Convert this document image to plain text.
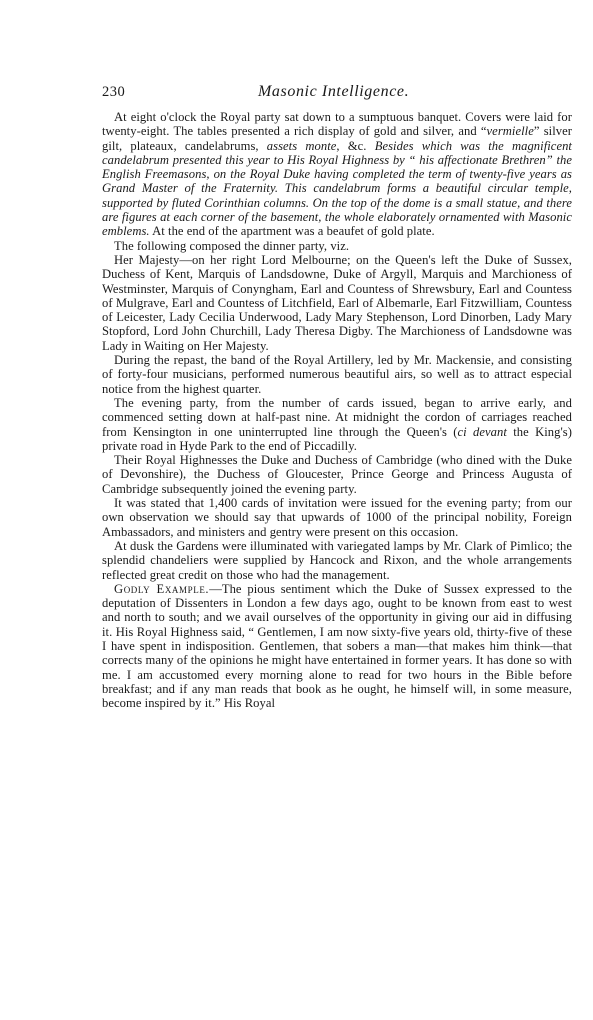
230	Masonic Intelligence.

At eight o'clock the Royal party sat down to a sumptuous banquet. Covers were laid for twenty-eight. The tables presented a rich display of gold and silver, and “vermielle” silver gilt, plateaux, candelabrums, assets monte, &c. Besides which was the magnificent candelabrum presented this year to His Royal Highness by “ his affectionate Brethren” the English Freemasons, on the Royal Duke having completed the term of twenty-five years as Grand Master of the Fraternity. This candelabrum forms a beautiful circular temple, supported by fluted Corinthian columns. On the top of the dome is a small statue, and there are figures at each corner of the basement, the whole elaborately ornamented with Masonic emblems. At the end of the apartment was a beaufet of gold plate.

The following composed the dinner party, viz.

Her Majesty—on her right Lord Melbourne; on the Queen's left the Duke of Sussex, Duchess of Kent, Marquis of Landsdowne, Duke of Argyll, Marquis and Marchioness of Westminster, Marquis of Conyngham, Earl and Countess of Shrewsbury, Earl and Countess of Mulgrave, Earl and Countess of Litchfield, Earl of Albemarle, Earl Fitzwilliam, Countess of Leicester, Lady Cecilia Underwood, Lady Mary Stephenson, Lord Dinorben, Lady Mary Stopford, Lord John Churchill, Lady Theresa Digby. The Marchioness of Landsdowne was Lady in Waiting on Her Majesty.

During the repast, the band of the Royal Artillery, led by Mr. Mackensie, and consisting of forty-four musicians, performed numerous beautiful airs, so well as to attract especial notice from the highest quarter.

The evening party, from the number of cards issued, began to arrive early, and commenced setting down at half-past nine. At midnight the cordon of carriages reached from Kensington in one uninterrupted line through the Queen's (ci devant the King's) private road in Hyde Park to the end of Piccadilly.

Their Royal Highnesses the Duke and Duchess of Cambridge (who dined with the Duke of Devonshire), the Duchess of Gloucester, Prince George and Princess Augusta of Cambridge subsequently joined the evening party.

It was stated that 1,400 cards of invitation were issued for the evening party; from our own observation we should say that upwards of 1000 of the principal nobility, Foreign Ambassadors, and ministers and gentry were present on this occasion.

At dusk the Gardens were illuminated with variegated lamps by Mr. Clark of Pimlico; the splendid chandeliers were supplied by Hancock and Rixon, and the whole arrangements reflected great credit on those who had the management.

Godly Example.—The pious sentiment which the Duke of Sussex expressed to the deputation of Dissenters in London a few days ago, ought to be known from east to west and north to south; and we avail ourselves of the opportunity in giving our aid in diffusing it. His Royal Highness said, “ Gentlemen, I am now sixty-five years old, thirty-five of these I have spent in indisposition. Gentlemen, that sobers a man—that makes him think—that corrects many of the opinions he might have entertained in former years. It has done so with me. I am accustomed every morning alone to read for two hours in the Bible before breakfast; and if any man reads that book as he ought, he himself will, in some measure, become inspired by it.” His Royal
